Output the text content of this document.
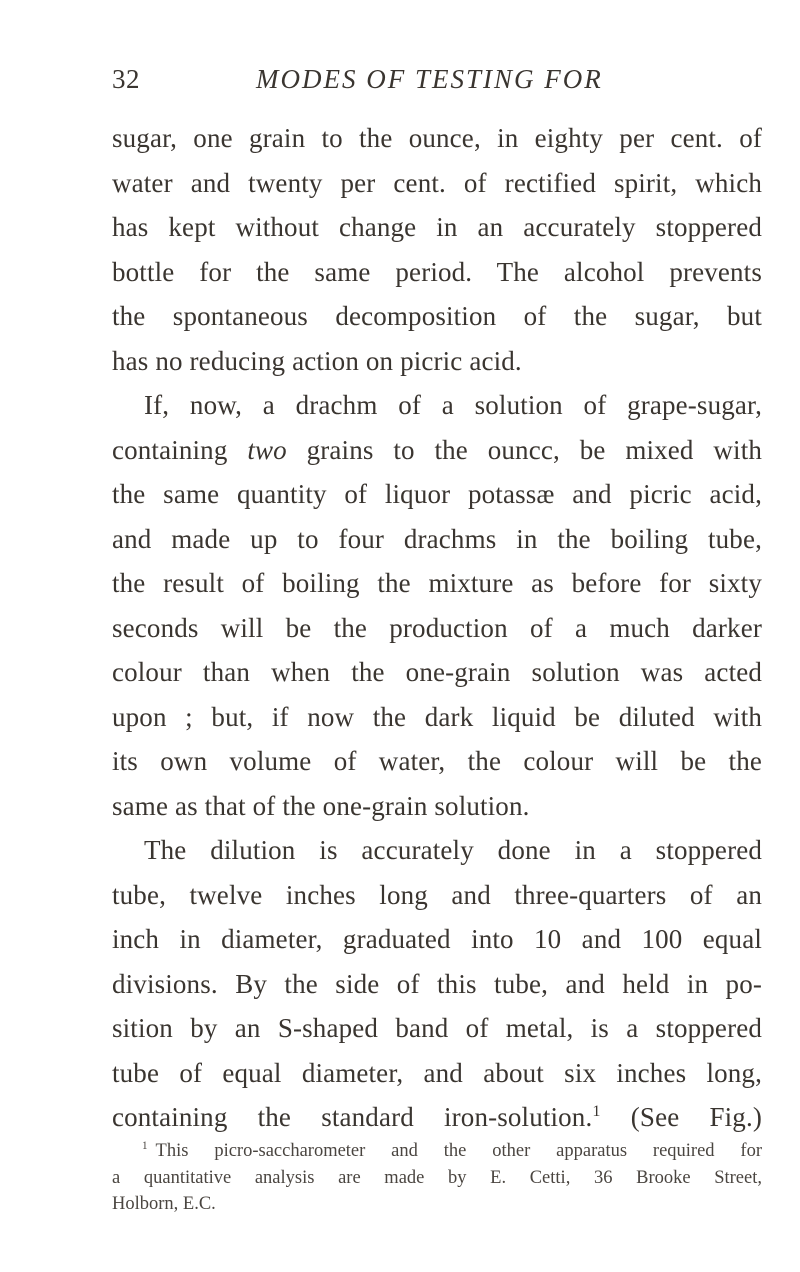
32	MODES OF TESTING FOR
sugar, one grain to the ounce, in eighty per cent. of
water and twenty per cent. of rectified spirit, which
has kept without change in an accurately stoppered
bottle for the same period. The alcohol prevents
the spontaneous decomposition of the sugar, but
has no reducing action on picric acid.
If, now, a drachm of a solution of grape-sugar,
containing two grains to the ouncc, be mixed with
the same quantity of liquor potassæ and picric acid,
and made up to four drachms in the boiling tube,
the result of boiling the mixture as before for sixty
seconds will be the production of a much darker
colour than when the one-grain solution was acted
upon ; but, if now the dark liquid be diluted with
its own volume of water, the colour will be the
same as that of the one-grain solution.
The dilution is accurately done in a stoppered
tube, twelve inches long and three-quarters of an
inch in diameter, graduated into 10 and 100 equal
divisions. By the side of this tube, and held in po-
sition by an S-shaped band of metal, is a stoppered
tube of equal diameter, and about six inches long,
containing the standard iron-solution.$^1$ (See Fig.)
$^1$ This picro-saccharometer and the other apparatus required for
a quantitative analysis are made by E. Cetti, 36 Brooke Street,
Holborn, E.C.
